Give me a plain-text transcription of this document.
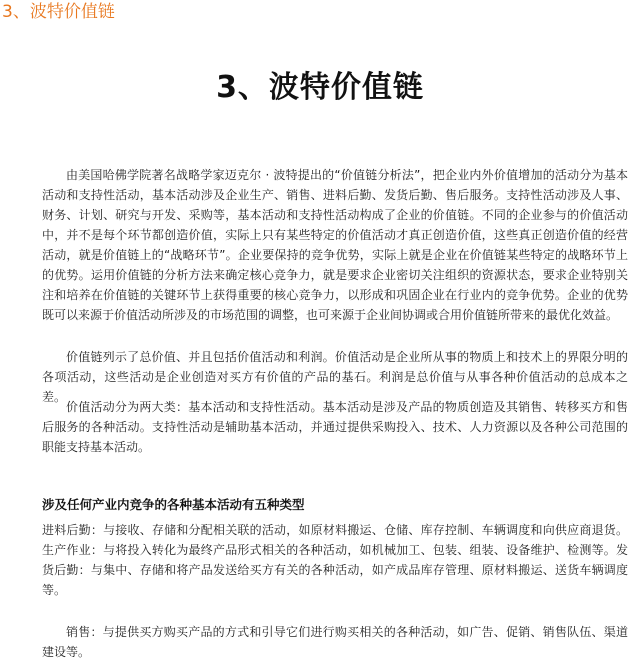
3、波特价值链
3、波特价值链

由美国哈佛学院著名战略学家迈克尔 · 波特提出的“价值链分析法”，把企业内外价值增加的活动分为基本活动和支持性活动，基本活动涉及企业生产、销售、进料后勤、发货后勤、售后服务。支持性活动涉及人事、财务、计划、研究与开发、采购等，基本活动和支持性活动构成了企业的价值链。不同的企业参与的价值活动中，并不是每个环节都创造价值，实际上只有某些特定的价值活动才真正创造价值，这些真正创造价值的经营活动，就是价值链上的“战略环节”。企业要保持的竞争优势，实际上就是企业在价值链某些特定的战略环节上的优势。运用价值链的分析方法来确定核心竞争力，就是要求企业密切关注组织的资源状态，要求企业特别关注和培养在价值链的关键环节上获得重要的核心竞争力，以形成和巩固企业在行业内的竞争优势。企业的优势既可以来源于价值活动所涉及的市场范围的调整，也可来源于企业间协调或合用价值链所带来的最优化效益。

价值链列示了总价值、并且包括价值活动和利润。价值活动是企业所从事的物质上和技术上的界限分明的各项活动，这些活动是企业创造对买方有价值的产品的基石。利润是总价值与从事各种价值活动的总成本之差。

价值活动分为两大类：基本活动和支持性活动。基本活动是涉及产品的物质创造及其销售、转移买方和售后服务的各种活动。支持性活动是辅助基本活动，并通过提供采购投入、技术、人力资源以及各种公司范围的职能支持基本活动。

涉及任何产业内竞争的各种基本活动有五种类型

进料后勤：与接收、存储和分配相关联的活动，如原材料搬运、仓储、库存控制、车辆调度和向供应商退货。生产作业：与将投入转化为最终产品形式相关的各种活动，如机械加工、包装、组装、设备维护、检测等。发货后勤：与集中、存储和将产品发送给买方有关的各种活动，如产成品库存管理、原材料搬运、送货车辆调度等。

销售：与提供买方购买产品的方式和引导它们进行购买相关的各种活动，如广告、促销、销售队伍、渠道建设等。
